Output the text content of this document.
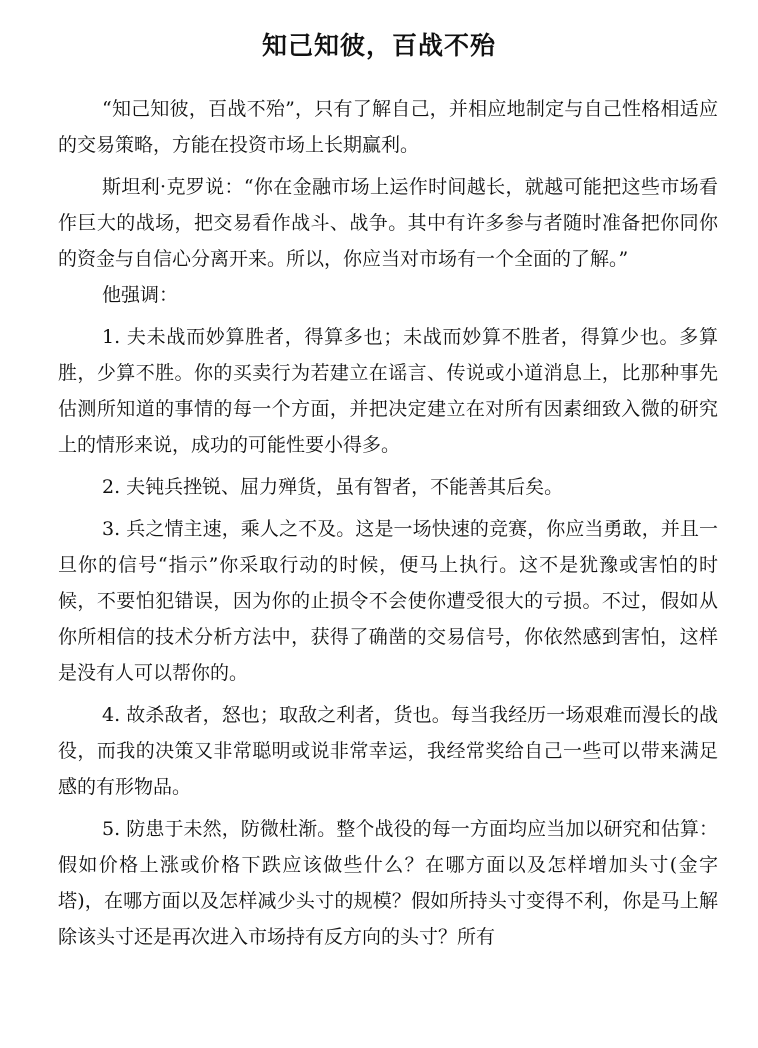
知己知彼，百战不殆

“知己知彼，百战不殆”，只有了解自己，并相应地制定与自己性格相适应的交易策略，方能在投资市场上长期赢利。

斯坦利·克罗说：“你在金融市场上运作时间越长，就越可能把这些市场看作巨大的战场，把交易看作战斗、战争。其中有许多参与者随时准备把你同你的资金与自信心分离开来。所以，你应当对市场有一个全面的了解。”

他强调：

1. 夫未战而妙算胜者，得算多也；未战而妙算不胜者，得算少也。多算胜，少算不胜。你的买卖行为若建立在谣言、传说或小道消息上，比那种事先估测所知道的事情的每一个方面，并把决定建立在对所有因素细致入微的研究上的情形来说，成功的可能性要小得多。

2. 夫钝兵挫锐、屈力殚货，虽有智者，不能善其后矣。

3. 兵之情主速，乘人之不及。这是一场快速的竞赛，你应当勇敢，并且一旦你的信号“指示”你采取行动的时候，便马上执行。这不是犹豫或害怕的时候，不要怕犯错误，因为你的止损令不会使你遭受很大的亏损。不过，假如从你所相信的技术分析方法中，获得了确凿的交易信号，你依然感到害怕，这样是没有人可以帮你的。

4. 故杀敌者，怒也；取敌之利者，货也。每当我经历一场艰难而漫长的战役，而我的决策又非常聪明或说非常幸运，我经常奖给自己一些可以带来满足感的有形物品。

5. 防患于未然，防微杜渐。整个战役的每一方面均应当加以研究和估算：假如价格上涨或价格下跌应该做些什么？在哪方面以及怎样增加头寸(金字塔)，在哪方面以及怎样减少头寸的规模？假如所持头寸变得不利，你是马上解除该头寸还是再次进入市场持有反方向的头寸？所有
